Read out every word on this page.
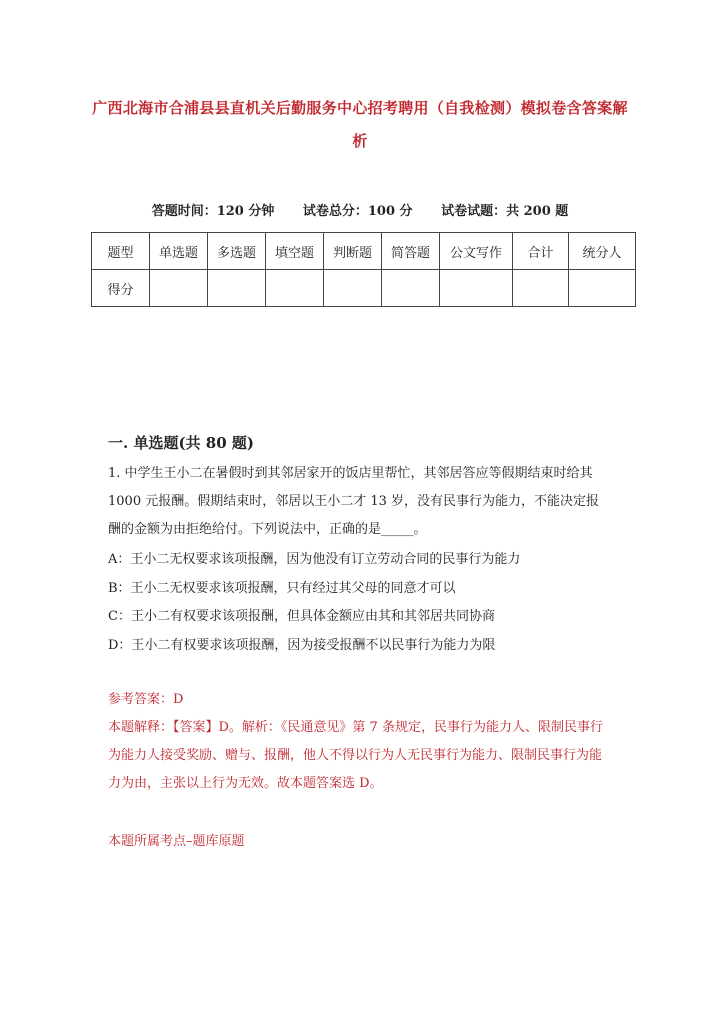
广西北海市合浦县县直机关后勤服务中心招考聘用（自我检测）模拟卷含答案解析
答题时间：120 分钟 试卷总分：100 分 试卷试题：共 200 题
题型	单选题	多选题	填空题	判断题	简答题	公文写作	合计	统分人
得分								
一. 单选题(共 80 题)
1. 中学生王小二在暑假时到其邻居家开的饭店里帮忙，其邻居答应等假期结束时给其 1000 元报酬。假期结束时，邻居以王小二才 13 岁，没有民事行为能力，不能决定报酬的金额为由拒绝给付。下列说法中，正确的是_____。
A：王小二无权要求该项报酬，因为他没有订立劳动合同的民事行为能力
B：王小二无权要求该项报酬，只有经过其父母的同意才可以
C：王小二有权要求该项报酬，但具体金额应由其和其邻居共同协商
D：王小二有权要求该项报酬，因为接受报酬不以民事行为能力为限
参考答案：D
本题解释：【答案】D。解析：《民通意见》第 7 条规定，民事行为能力人、限制民事行为能力人接受奖励、赠与、报酬，他人不得以行为人无民事行为能力、限制民事行为能力为由，主张以上行为无效。故本题答案选 D。
本题所属考点–题库原题
